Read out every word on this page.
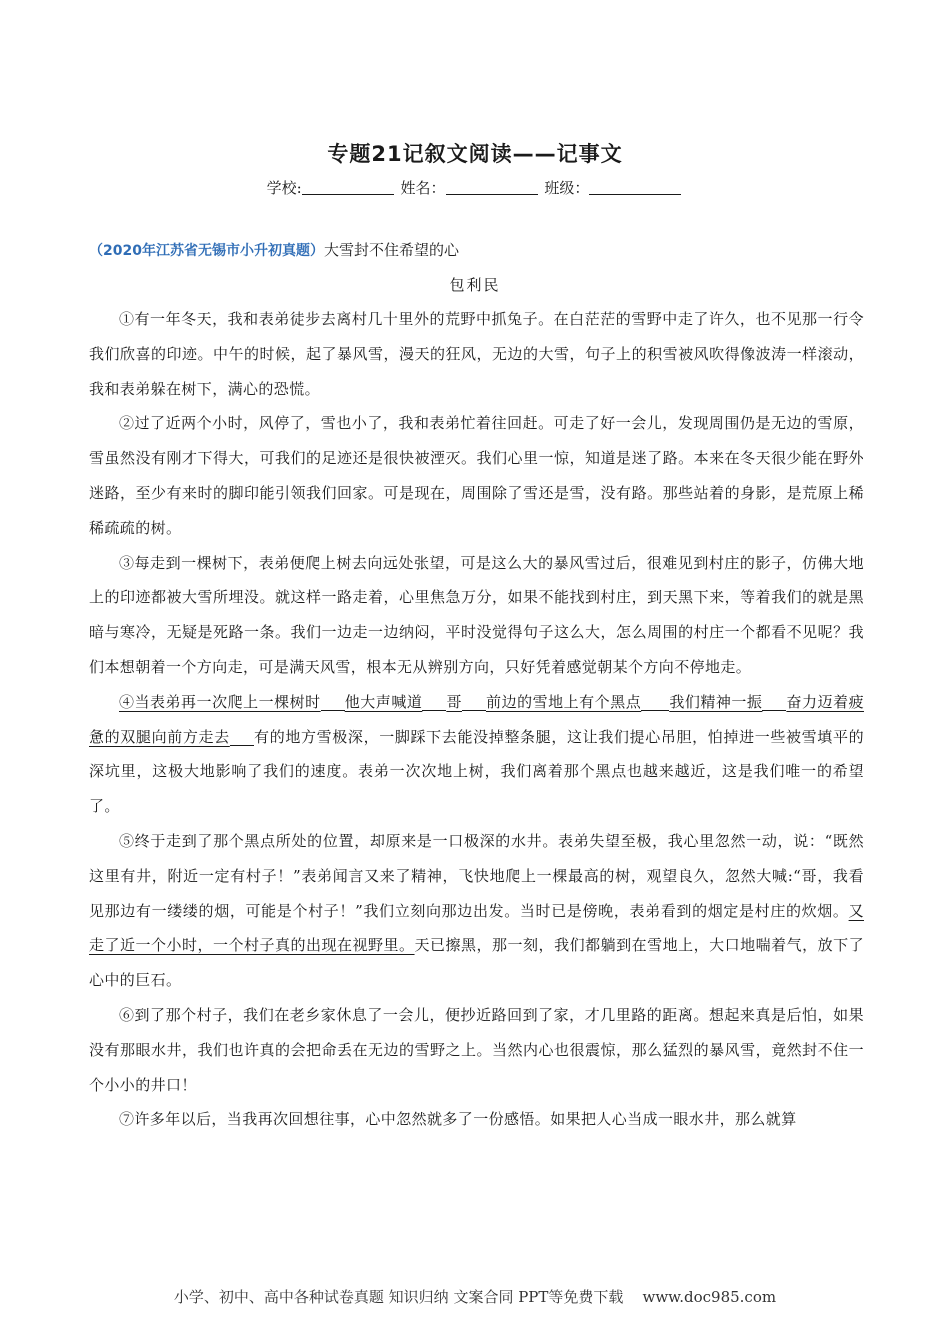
专题21记叙文阅读——记事文
学校:	姓名：	班级：
（2020年江苏省无锡市小升初真题）大雪封不住希望的心
包利民

①有一年冬天，我和表弟徒步去离村几十里外的荒野中抓兔子。在白茫茫的雪野中走了许久，也不见那一行令我们欣喜的印迹。中午的时候，起了暴风雪，漫天的狂风，无边的大雪，句子上的积雪被风吹得像波涛一样滚动，我和表弟躲在树下，满心的恐慌。

②过了近两个小时，风停了，雪也小了，我和表弟忙着往回赶。可走了好一会儿，发现周围仍是无边的雪原，雪虽然没有刚才下得大，可我们的足迹还是很快被湮灭。我们心里一惊，知道是迷了路。本来在冬天很少能在野外迷路，至少有来时的脚印能引领我们回家。可是现在，周围除了雪还是雪，没有路。那些站着的身影，是荒原上稀稀疏疏的树。

③每走到一棵树下，表弟便爬上树去向远处张望，可是这么大的暴风雪过后，很难见到村庄的影子，仿佛大地上的印迹都被大雪所埋没。就这样一路走着，心里焦急万分，如果不能找到村庄，到天黑下来，等着我们的就是黑暗与寒冷，无疑是死路一条。我们一边走一边纳闷，平时没觉得句子这么大，怎么周围的村庄一个都看不见呢？我们本想朝着一个方向走，可是满天风雪，根本无从辨别方向，只好凭着感觉朝某个方向不停地走。

④当表弟再一次爬上一棵树时 他大声喊道 哥 前边的雪地上有个黑点 我们精神一振 奋力迈着疲惫的双腿向前方走去 有的地方雪极深，一脚踩下去能没掉整条腿，这让我们提心吊胆，怕掉进一些被雪填平的深坑里，这极大地影响了我们的速度。表弟一次次地上树，我们离着那个黑点也越来越近，这是我们唯一的希望了。

⑤终于走到了那个黑点所处的位置，却原来是一口极深的水井。表弟失望至极，我心里忽然一动，说：“既然这里有井，附近一定有村子！”表弟闻言又来了精神，飞快地爬上一棵最高的树，观望良久，忽然大喊:“哥，我看见那边有一缕缕的烟，可能是个村子！”我们立刻向那边出发。当时已是傍晚，表弟看到的烟定是村庄的炊烟。又走了近一个小时，一个村子真的出现在视野里。天已擦黑，那一刻，我们都躺到在雪地上，大口地喘着气，放下了心中的巨石。

⑥到了那个村子，我们在老乡家休息了一会儿，便抄近路回到了家，才几里路的距离。想起来真是后怕，如果没有那眼水井，我们也许真的会把命丢在无边的雪野之上。当然内心也很震惊，那么猛烈的暴风雪，竟然封不住一个小小的井口！

⑦许多年以后，当我再次回想往事，心中忽然就多了一份感悟。如果把人心当成一眼水井，那么就算

小学、初中、高中各种试卷真题 知识归纳 文案合同 PPT等免费下载 www.doc985.com
